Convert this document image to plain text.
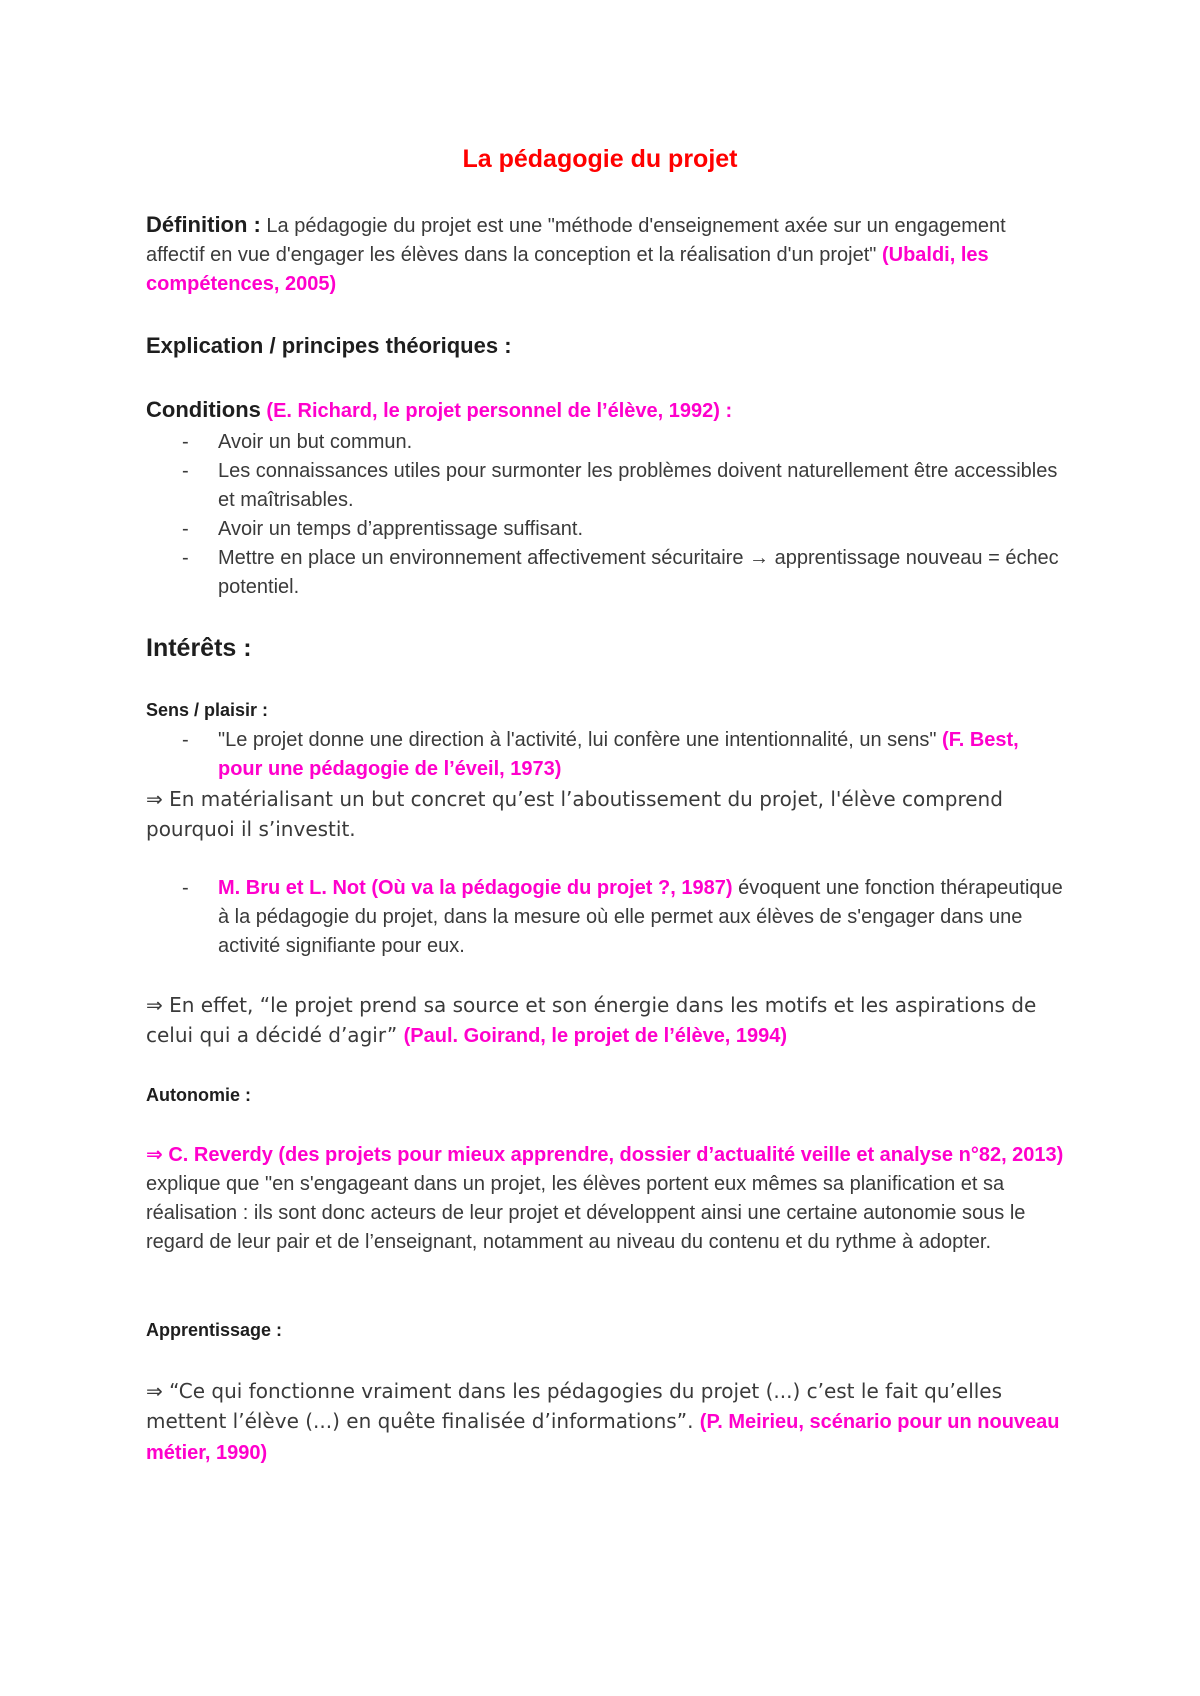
La pédagogie du projet
Définition : La pédagogie du projet est une "méthode d'enseignement axée sur un engagement affectif en vue d'engager les élèves dans la conception et la réalisation d'un projet" (Ubaldi, les compétences, 2005)
Explication / principes théoriques :
Conditions (E. Richard, le projet personnel de l’élève, 1992) :
- Avoir un but commun.
- Les connaissances utiles pour surmonter les problèmes doivent naturellement être accessibles et maîtrisables.
- Avoir un temps d’apprentissage suffisant.
- Mettre en place un environnement affectivement sécuritaire → apprentissage nouveau = échec potentiel.
Intérêts :
Sens / plaisir :
- "Le projet donne une direction à l'activité, lui confère une intentionnalité, un sens" (F. Best, pour une pédagogie de l’éveil, 1973)
⇒ En matérialisant un but concret qu’est l’aboutissement du projet, l'élève comprend pourquoi il s’investit.
- M. Bru et L. Not (Où va la pédagogie du projet ?, 1987) évoquent une fonction thérapeutique à la pédagogie du projet, dans la mesure où elle permet aux élèves de s'engager dans une activité signifiante pour eux.
⇒ En effet, “le projet prend sa source et son énergie dans les motifs et les aspirations de celui qui a décidé d’agir” (Paul. Goirand, le projet de l’élève, 1994)
Autonomie :
⇒ C. Reverdy (des projets pour mieux apprendre, dossier d’actualité veille et analyse n°82, 2013) explique que "en s'engageant dans un projet, les élèves portent eux mêmes sa planification et sa réalisation : ils sont donc acteurs de leur projet et développent ainsi une certaine autonomie sous le regard de leur pair et de l’enseignant, notamment au niveau du contenu et du rythme à adopter.
Apprentissage :
⇒ “Ce qui fonctionne vraiment dans les pédagogies du projet (...) c’est le fait qu’elles mettent l’élève (...) en quête finalisée d’informations”. (P. Meirieu, scénario pour un nouveau métier, 1990)
